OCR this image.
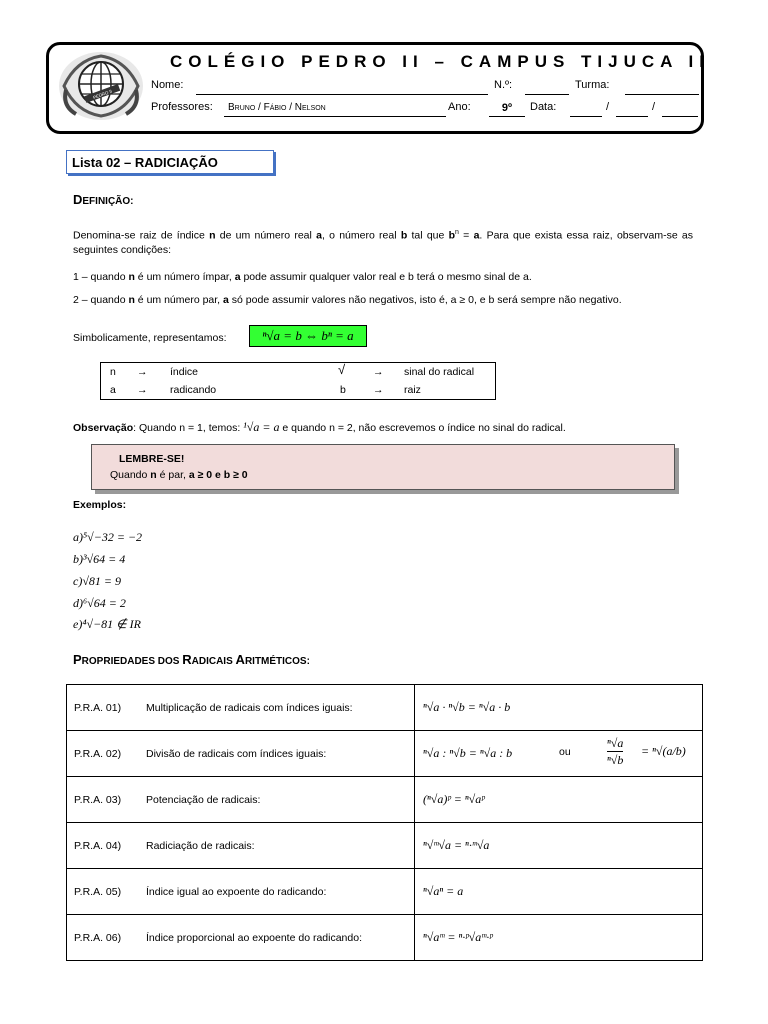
PEDRO II
COLÉGIO PEDRO II – CAMPUS TIJUCA II
Nome:	N.º:	Turma:
Professores:	Bruno / Fábio / Nelson	Ano:	9º	Data:	/	/
Lista 02 – RADICIAÇÃO
DEFINIÇÃO:
Denomina-se raiz de índice n de um número real a, o número real b tal que $b^n = a$. Para que exista essa raiz, observam-se as seguintes condições:
1 – quando n é um número ímpar, a pode assumir qualquer valor real e b terá o mesmo sinal de a.
2 – quando n é um número par, a só pode assumir valores não negativos, isto é, a ≥ 0, e b será sempre não negativo.
Simbolicamente, representamos:	ⁿ√a = b ⇔ bⁿ = a
n → índice	√	→ sinal do radical
a → radicando	b	→ raiz
Observação: Quando n = 1, temos: ¹√a = a e quando n = 2, não escrevemos o índice no sinal do radical.
LEMBRE-SE!
Quando n é par, a ≥ 0 e b ≥ 0
Exemplos:
a)⁵√−32 = −2
b)³√64 = 4
c)√81 = 9
d)⁶√64 = 2
e)⁴√−81 ∉ IR
PROPRIEDADES DOS RADICAIS ARITMÉTICOS:
P.R.A. 01) Multiplicação de radicais com índices iguais:	ⁿ√a · ⁿ√b = ⁿ√a · b
P.R.A. 02) Divisão de radicais com índices iguais:	ⁿ√a : ⁿ√b = ⁿ√a : b ou
ⁿ√a
ⁿ√b
= ⁿ√(a/b)

P.R.A. 03) Potenciação de radicais:	(ⁿ√a)ᵖ = ⁿ√aᵖ
P.R.A. 04) Radiciação de radicais:	ⁿ√ᵐ√a = ⁿ·ᵐ√a
P.R.A. 05) Índice igual ao expoente do radicando:	ⁿ√aⁿ = a
P.R.A. 06) Índice proporcional ao expoente do radicando:	ⁿ√aᵐ = ⁿ·ᵖ√aᵐ·ᵖ
